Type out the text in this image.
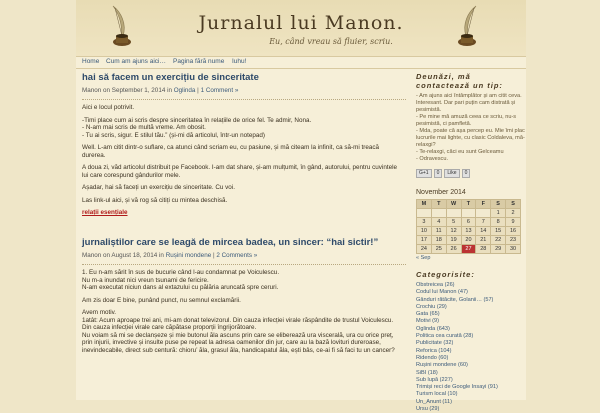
Jurnalul lui Manon.
Eu, când vreau să fluier, scriu.
Home Cum am ajuns aici… Pagina fără nume Iuhu!
hai să facem un exercițiu de sinceritate
Manon on September 1, 2014 in Oglinda | 1 Comment »

Aici e locul potrivit.

-Timi place cum ai scris despre sinceritatea în relațiile de orice fel. Te admir, Nona.
- N-am mai scris de multă vreme. Am obosit.
- Tu ai scris, sigur. E stilul tău.” (și-mi dă articolul, într-un notepad)

Well. L-am citit dintr-o suflare, ca atunci când scriam eu, cu pasiune, și mă citeam la infinit, ca să-mi treacă durerea.

A doua zi, văd articolul distribuit pe Facebook. I-am dat share, și-am mulțumit, în gând, autorului, pentru cuvintele lui care corespund gândurilor mele.

Așadar, hai să faceți un exercițiu de sinceritate. Cu voi.

Las link-ul aici, și vă rog să citiți cu mintea deschisă.

relații esențiale
jurnaliștilor care se leagă de mircea badea, un sincer: “hai sictir!”
Manon on August 18, 2014 in Rușini mondene | 2 Comments »

1. Eu n-am sărit în sus de bucurie când l-au condamnat pe Voiculescu.
Nu m-a inundat nici vreun tsunami de fericire.
N-am executat niciun dans al extazului cu pălăria aruncată spre ceruri.

Am zis doar E bine, punând punct, nu semnul exclamării.

Avem motiv.
1atât: Acum aproape trei ani, mi-am donat televizorul. Din cauza infecției virale răspândite de trustul Voiculescu.
Din cauza infecției virale care căpătase proporții îngrijorătoare.
Nu voiam să mi se declanșeze și mie butonul ăla ascuns prin care se eliberează ura viscerală, ura cu orice preț, prin injurii, invective și insulte puse pe repeat la adresa oamenilor din jur, care au la bază lovituri dureroase, inevindecabile, direct sub centură: chioru’ ăla, grasul ăla, handicapatul ăla, ești bâs, ce-ai fi să faci tu un cancer?

Deunăzi, mă contactează un tip:
- Am ajuns aici întâmplător și am citit ceva. Interesant. Dar pari puțin cam distrată și pesimistă.
- Pe mine mă amuză ceea ce scriu, nu-s pesimistă, ci pamfletă.
- Mda, poate că așa percep eu. Mie îmi plac lucrurile mai lighte, cu clasic Coldaleva, mă-relaxgi?
- Te-relaxgi, căci eu sunt Gelceamu
- Odravescu.
G+1 0 Like 0
November 2014
M	T	W	T	F	S	S
					1	2
3	4	5	6	7	8	9
10	11	12	13	14	15	16
17	18	19	20	21	22	23
24	25	26	27	28	29	30
« Sep
Categorisite:
Obstreicea (26)
Codul lui Manon (47)
Gânduri rătăcite, Golanii… (57)
Crochiu (29)
Gata (65)
Motivi (9)
Oglinda (643)
Politica cea curată (28)
Publicitate (32)
Reforica (104)
Ridendo (60)
Rușini mondene (60)
SiBI (18)
Sub lupă (227)
Trimiși reci de Google Insayi (91)
Turism local (10)
Un_Anunt (11)
Ursu (29)
